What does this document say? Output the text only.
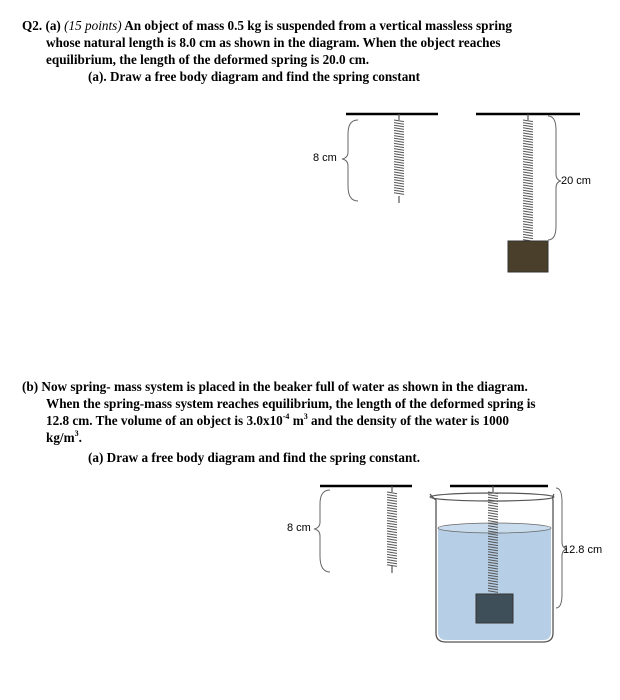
Q2. (a) (15 points) An object of mass 0.5 kg is suspended from a vertical massless spring
whose natural length is 8.0 cm as shown in the diagram. When the object reaches
equilibrium, the length of the deformed spring is 20.0 cm.
(a). Draw a free body diagram and find the spring constant
8 cm
20 cm
(b) Now spring- mass system is placed in the beaker full of water as shown in the diagram.
When the spring-mass system reaches equilibrium, the length of the deformed spring is
12.8 cm. The volume of an object is $3.0x10^{-4}$ $m^3$ and the density of the water is 1000
$kg/m^3$.
(a) Draw a free body diagram and find the spring constant.
8 cm
12.8 cm
